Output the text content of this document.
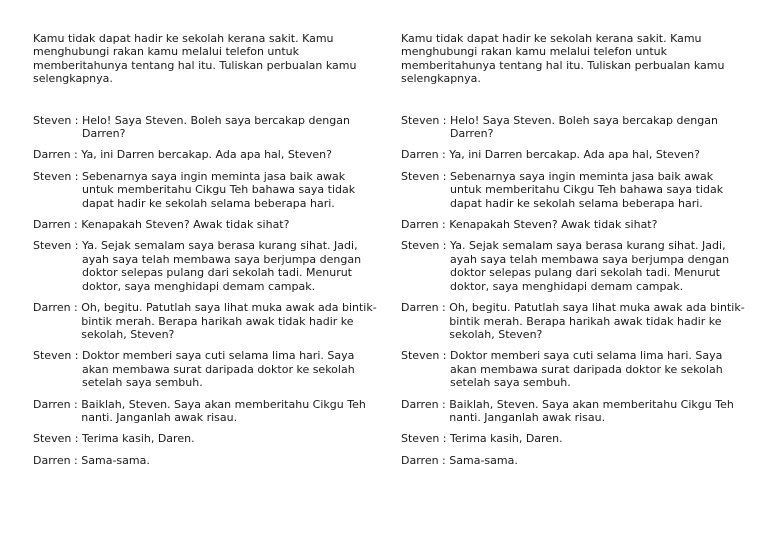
Kamu tidak dapat hadir ke sekolah kerana sakit. Kamu menghubungi rakan kamu melalui telefon untuk memberitahunya tentang hal itu. Tuliskan perbualan kamu selengkapnya.

Steven : Helo! Saya Steven. Boleh saya bercakap dengan Darren?
Darren : Ya, ini Darren bercakap. Ada apa hal, Steven?
Steven : Sebenarnya saya ingin meminta jasa baik awak untuk memberitahu Cikgu Teh bahawa saya tidak dapat hadir ke sekolah selama beberapa hari.
Darren : Kenapakah Steven? Awak tidak sihat?
Steven : Ya. Sejak semalam saya berasa kurang sihat. Jadi, ayah saya telah membawa saya berjumpa dengan doktor selepas pulang dari sekolah tadi. Menurut doktor, saya menghidapi demam campak.
Darren : Oh, begitu. Patutlah saya lihat muka awak ada bintik-bintik merah. Berapa harikah awak tidak hadir ke sekolah, Steven?
Steven : Doktor memberi saya cuti selama lima hari. Saya akan membawa surat daripada doktor ke sekolah setelah saya sembuh.
Darren : Baiklah, Steven. Saya akan memberitahu Cikgu Teh nanti. Janganlah awak risau.
Steven : Terima kasih, Daren.
Darren : Sama-sama.

Kamu tidak dapat hadir ke sekolah kerana sakit. Kamu menghubungi rakan kamu melalui telefon untuk memberitahunya tentang hal itu. Tuliskan perbualan kamu selengkapnya.

Steven : Helo! Saya Steven. Boleh saya bercakap dengan Darren?
Darren : Ya, ini Darren bercakap. Ada apa hal, Steven?
Steven : Sebenarnya saya ingin meminta jasa baik awak untuk memberitahu Cikgu Teh bahawa saya tidak dapat hadir ke sekolah selama beberapa hari.
Darren : Kenapakah Steven? Awak tidak sihat?
Steven : Ya. Sejak semalam saya berasa kurang sihat. Jadi, ayah saya telah membawa saya berjumpa dengan doktor selepas pulang dari sekolah tadi. Menurut doktor, saya menghidapi demam campak.
Darren : Oh, begitu. Patutlah saya lihat muka awak ada bintik-bintik merah. Berapa harikah awak tidak hadir ke sekolah, Steven?
Steven : Doktor memberi saya cuti selama lima hari. Saya akan membawa surat daripada doktor ke sekolah setelah saya sembuh.
Darren : Baiklah, Steven. Saya akan memberitahu Cikgu Teh nanti. Janganlah awak risau.
Steven : Terima kasih, Daren.
Darren : Sama-sama.
